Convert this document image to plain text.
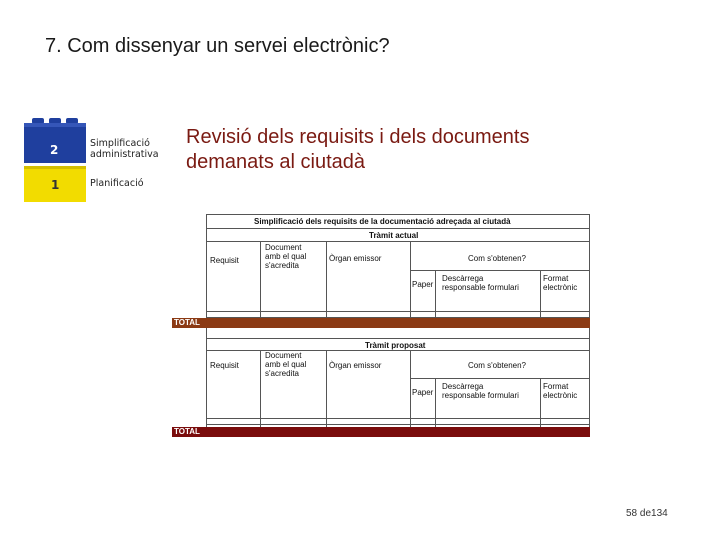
7. Com dissenyar un servei electrònic?
2
1
Simplificació
administrativa
Planificació
Revisió dels requisits i dels documents
demanats al ciutadà
Simplificació dels requisits de la documentació adreçada al ciutadà
Tràmit actual
Requisit
Document
amb el qual
s'acredita
Òrgan emissor	Com s'obtenen?
Paper
Descàrrega
responsable formulari
Format
electrònic
TOTAL
Tràmit proposat
Requisit
Document
amb el qual
s'acredita
Òrgan emissor	Com s'obtenen?
Paper
Descàrrega
responsable formulari
Format
electrònic
TOTAL
58 de134
